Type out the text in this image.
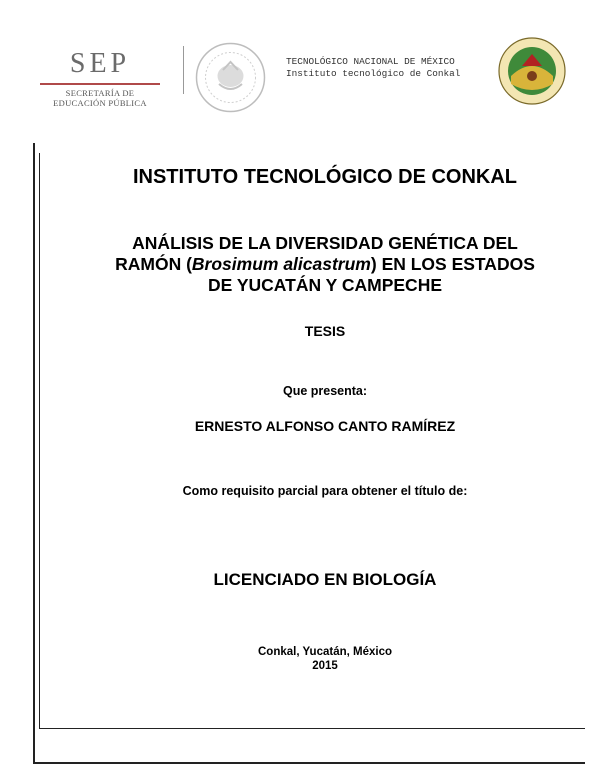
SEP
SECRETARÍA DE
EDUCACIÓN PÚBLICA
TECNOLÓGICO NACIONAL DE MÉXICO
Instituto tecnológico de Conkal
INSTITUTO TECNOLÓGICO DE CONKAL
ANÁLISIS DE LA DIVERSIDAD GENÉTICA DEL
RAMÓN (Brosimum alicastrum) EN LOS ESTADOS
DE YUCATÁN Y CAMPECHE
TESIS
Que presenta:
ERNESTO ALFONSO CANTO RAMÍREZ
Como requisito parcial para obtener el título de:
LICENCIADO EN BIOLOGÍA
Conkal, Yucatán, México
2015
